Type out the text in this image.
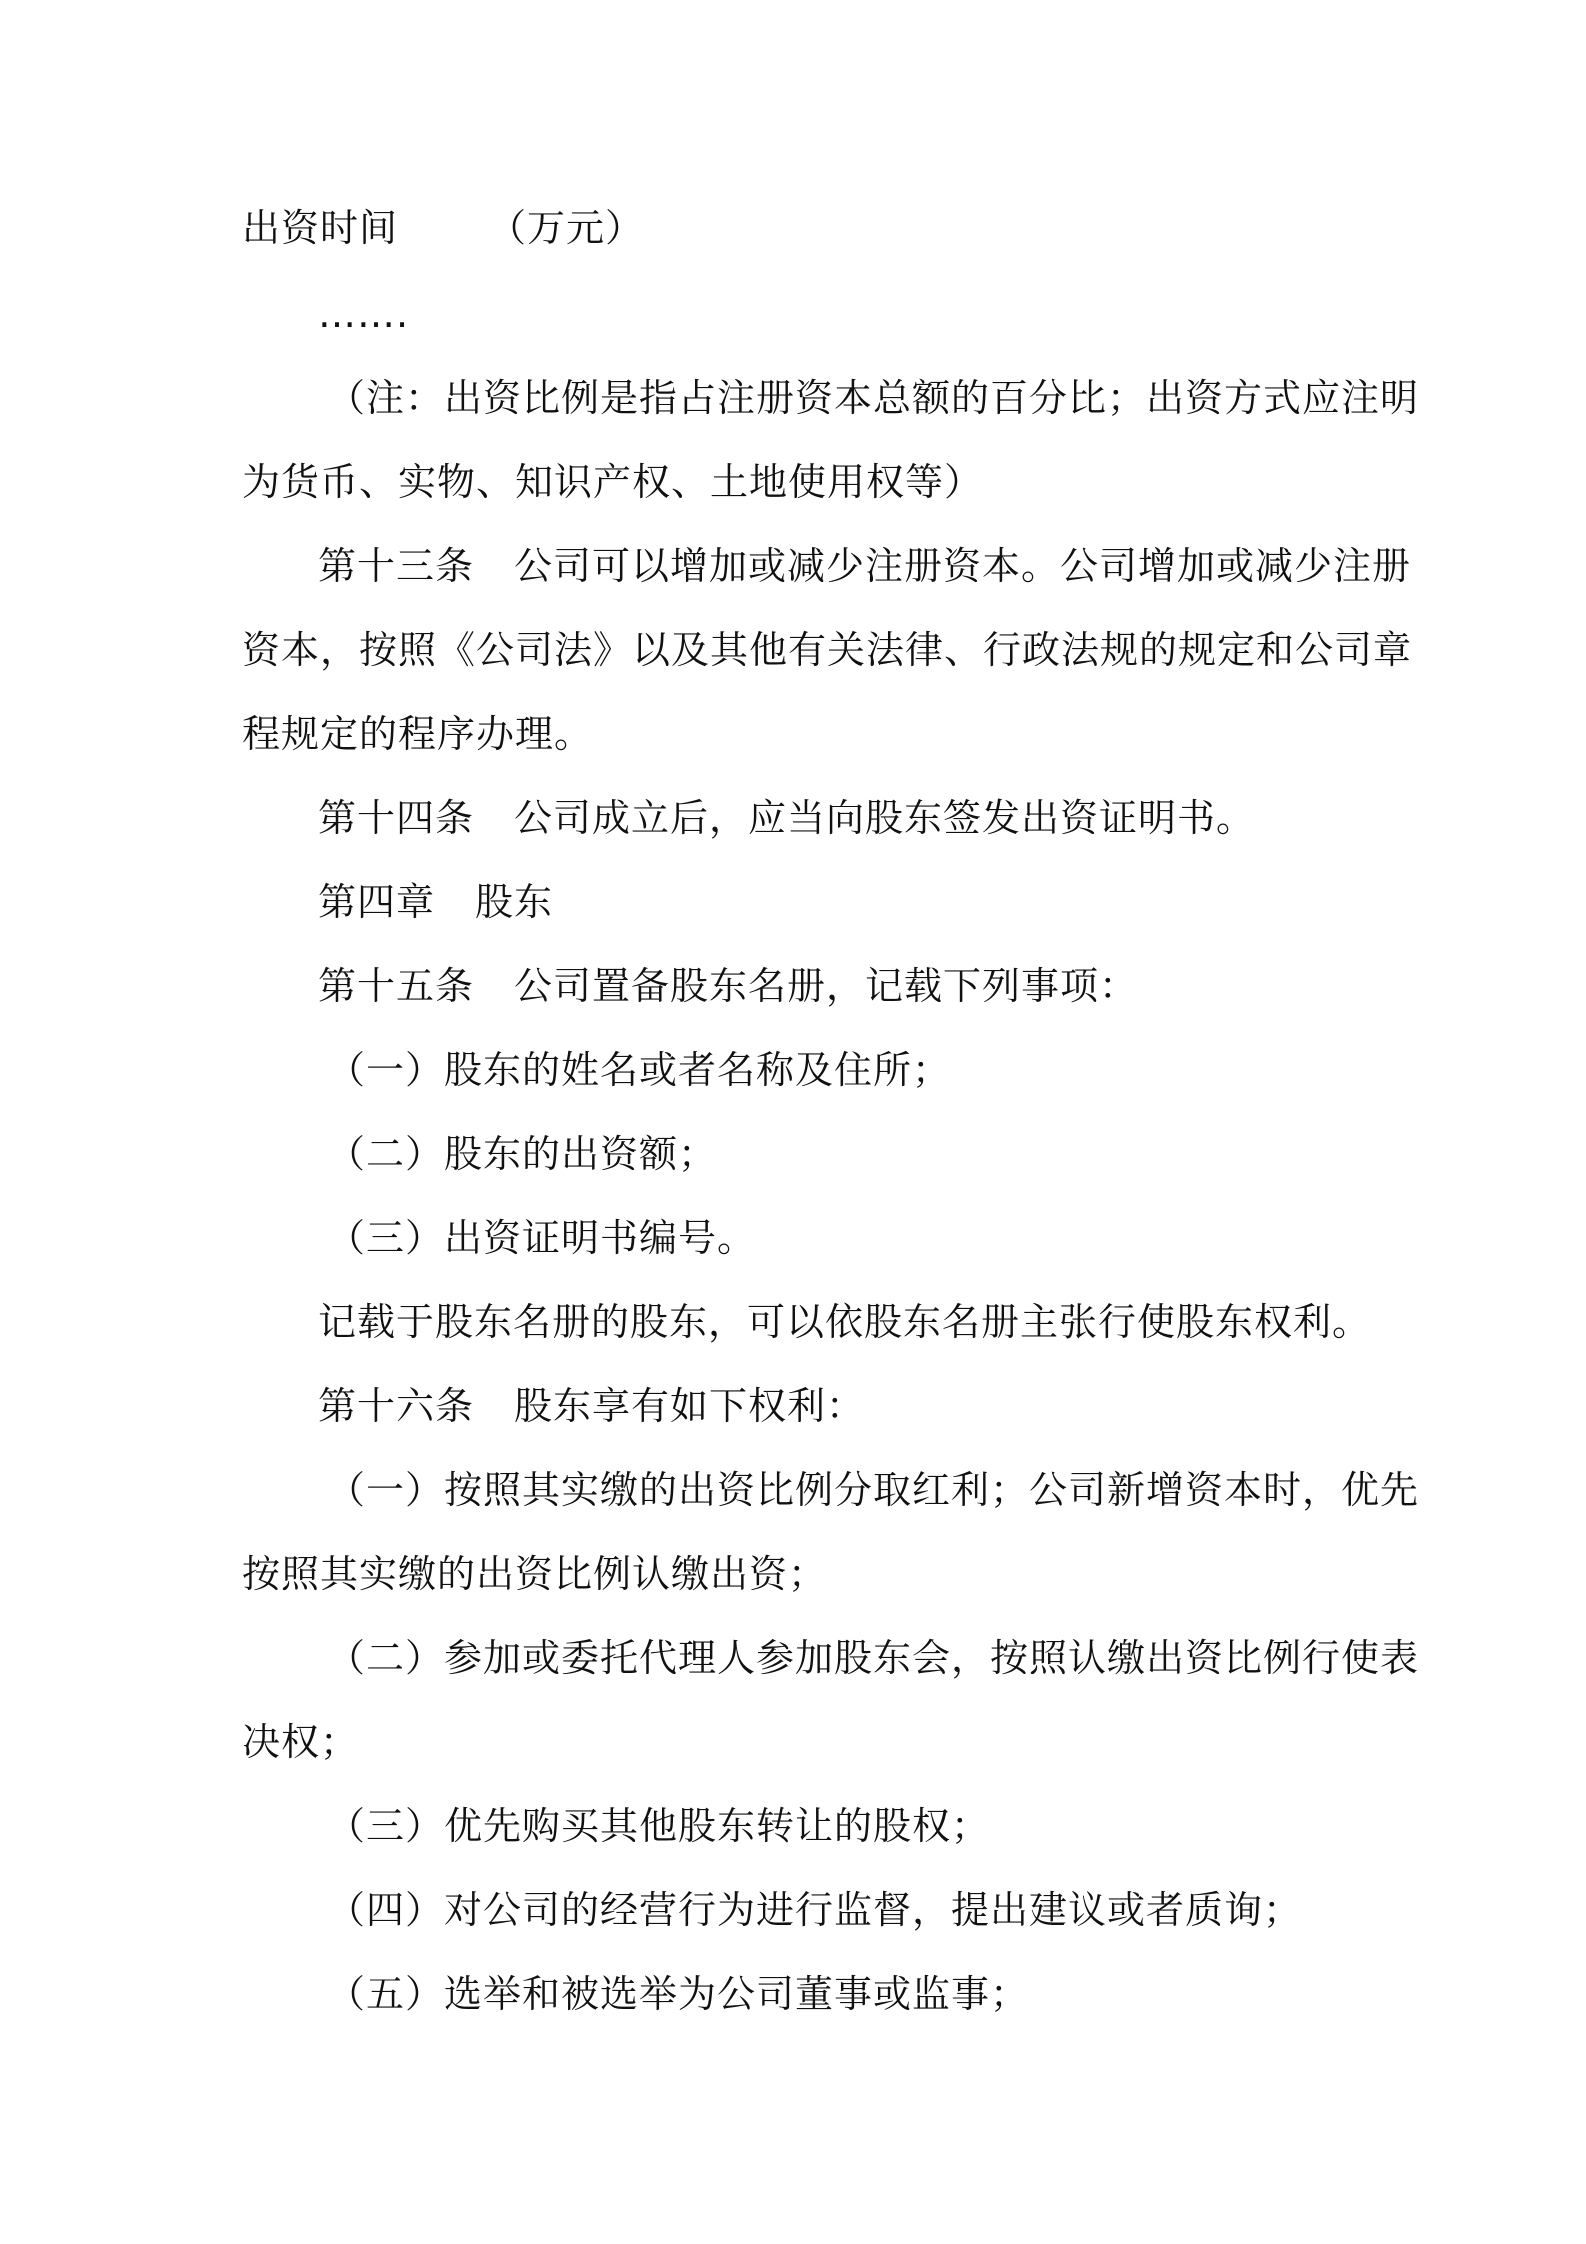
出资时间 （万元）
…….
（注：出资比例是指占注册资本总额的百分比；出资方式应注明
为货币、实物、知识产权、土地使用权等）
第十三条 公司可以增加或减少注册资本。公司增加或减少注册
资本，按照《公司法》以及其他有关法律、行政法规的规定和公司章
程规定的程序办理。
第十四条 公司成立后，应当向股东签发出资证明书。
第四章 股东
第十五条 公司置备股东名册，记载下列事项：
（一）股东的姓名或者名称及住所；
（二）股东的出资额；
（三）出资证明书编号。
记载于股东名册的股东，可以依股东名册主张行使股东权利。
第十六条 股东享有如下权利：
（一）按照其实缴的出资比例分取红利；公司新增资本时，优先
按照其实缴的出资比例认缴出资；
（二）参加或委托代理人参加股东会，按照认缴出资比例行使表
决权；
（三）优先购买其他股东转让的股权；
（四）对公司的经营行为进行监督，提出建议或者质询；
（五）选举和被选举为公司董事或监事；
